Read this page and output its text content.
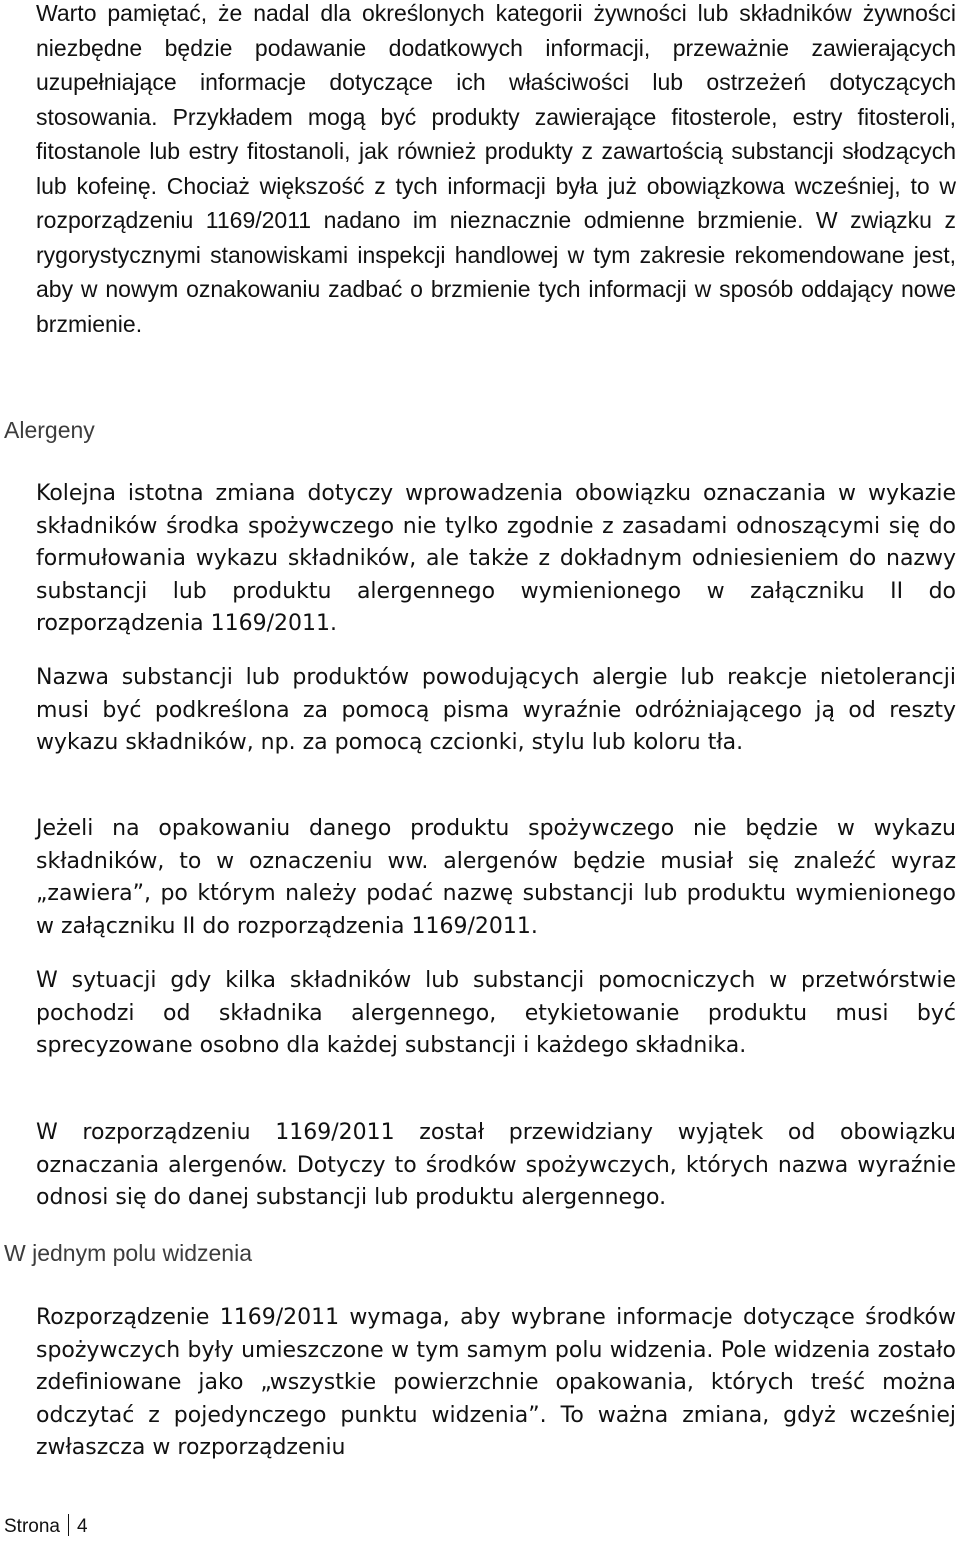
Warto pamiętać, że nadal dla określonych kategorii żywności lub składników żywności niezbędne będzie podawanie dodatkowych informacji, przeważnie zawierających uzupełniające informacje dotyczące ich właściwości lub ostrzeżeń dotyczących stosowania. Przykładem mogą być produkty zawierające fitosterole, estry fitosteroli, fitostanole lub estry fitostanoli, jak również produkty z zawartością substancji słodzących lub kofeinę. Chociaż większość z tych informacji była już obowiązkowa wcześniej, to w rozporządzeniu 1169/2011 nadano im nieznacznie odmienne brzmienie. W związku z rygorystycznymi stanowiskami inspekcji handlowej w tym zakresie rekomendowane jest, aby w nowym oznakowaniu zadbać o brzmienie tych informacji w sposób oddający nowe brzmienie.

Alergeny

Kolejna istotna zmiana dotyczy wprowadzenia obowiązku oznaczania w wykazie składników środka spożywczego nie tylko zgodnie z zasadami odnoszącymi się do formułowania wykazu składników, ale także z dokładnym odniesieniem do nazwy substancji lub produktu alergennego wymienionego w załączniku II do rozporządzenia 1169/2011.

Nazwa substancji lub produktów powodujących alergie lub reakcje nietolerancji musi być podkreślona za pomocą pisma wyraźnie odróżniającego ją od reszty wykazu składników, np. za pomocą czcionki, stylu lub koloru tła.

Jeżeli na opakowaniu danego produktu spożywczego nie będzie w wykazu składników, to w oznaczeniu ww. alergenów będzie musiał się znaleźć wyraz „zawiera”, po którym należy podać nazwę substancji lub produktu wymienionego w załączniku II do rozporządzenia 1169/2011.

W sytuacji gdy kilka składników lub substancji pomocniczych w przetwórstwie pochodzi od składnika alergennego, etykietowanie produktu musi być sprecyzowane osobno dla każdej substancji i każdego składnika.

W rozporządzeniu 1169/2011 został przewidziany wyjątek od obowiązku oznaczania alergenów. Dotyczy to środków spożywczych, których nazwa wyraźnie odnosi się do danej substancji lub produktu alergennego.

W jednym polu widzenia

Rozporządzenie 1169/2011 wymaga, aby wybrane informacje dotyczące środków spożywczych były umieszczone w tym samym polu widzenia. Pole widzenia zostało zdefiniowane jako „wszystkie powierzchnie opakowania, których treść można odczytać z pojedynczego punktu widzenia”. To ważna zmiana, gdyż wcześniej zwłaszcza w rozporządzeniu

Strona 4
